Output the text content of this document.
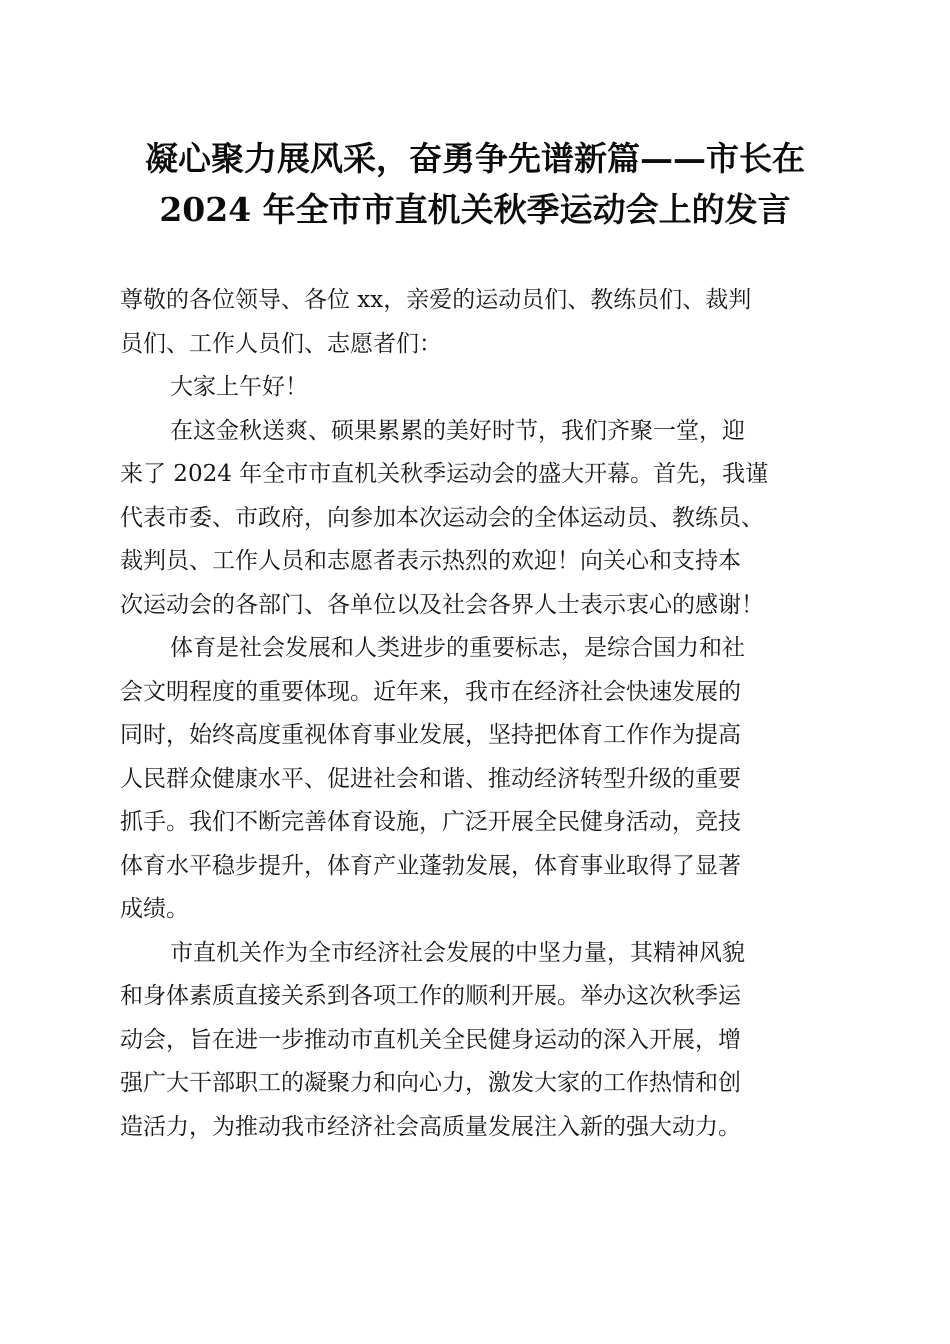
凝心聚力展风采，奋勇争先谱新篇——市长在
2024 年全市市直机关秋季运动会上的发言

尊敬的各位领导、各位 xx，亲爱的运动员们、教练员们、裁判
员们、工作人员们、志愿者们：

大家上午好！

在这金秋送爽、硕果累累的美好时节，我们齐聚一堂，迎
来了 2024 年全市市直机关秋季运动会的盛大开幕。首先，我谨
代表市委、市政府，向参加本次运动会的全体运动员、教练员、
裁判员、工作人员和志愿者表示热烈的欢迎！向关心和支持本
次运动会的各部门、各单位以及社会各界人士表示衷心的感谢！

体育是社会发展和人类进步的重要标志，是综合国力和社
会文明程度的重要体现。近年来，我市在经济社会快速发展的
同时，始终高度重视体育事业发展，坚持把体育工作作为提高
人民群众健康水平、促进社会和谐、推动经济转型升级的重要
抓手。我们不断完善体育设施，广泛开展全民健身活动，竞技
体育水平稳步提升，体育产业蓬勃发展，体育事业取得了显著
成绩。

市直机关作为全市经济社会发展的中坚力量，其精神风貌
和身体素质直接关系到各项工作的顺利开展。举办这次秋季运
动会，旨在进一步推动市直机关全民健身运动的深入开展，增
强广大干部职工的凝聚力和向心力，激发大家的工作热情和创
造活力，为推动我市经济社会高质量发展注入新的强大动力。
